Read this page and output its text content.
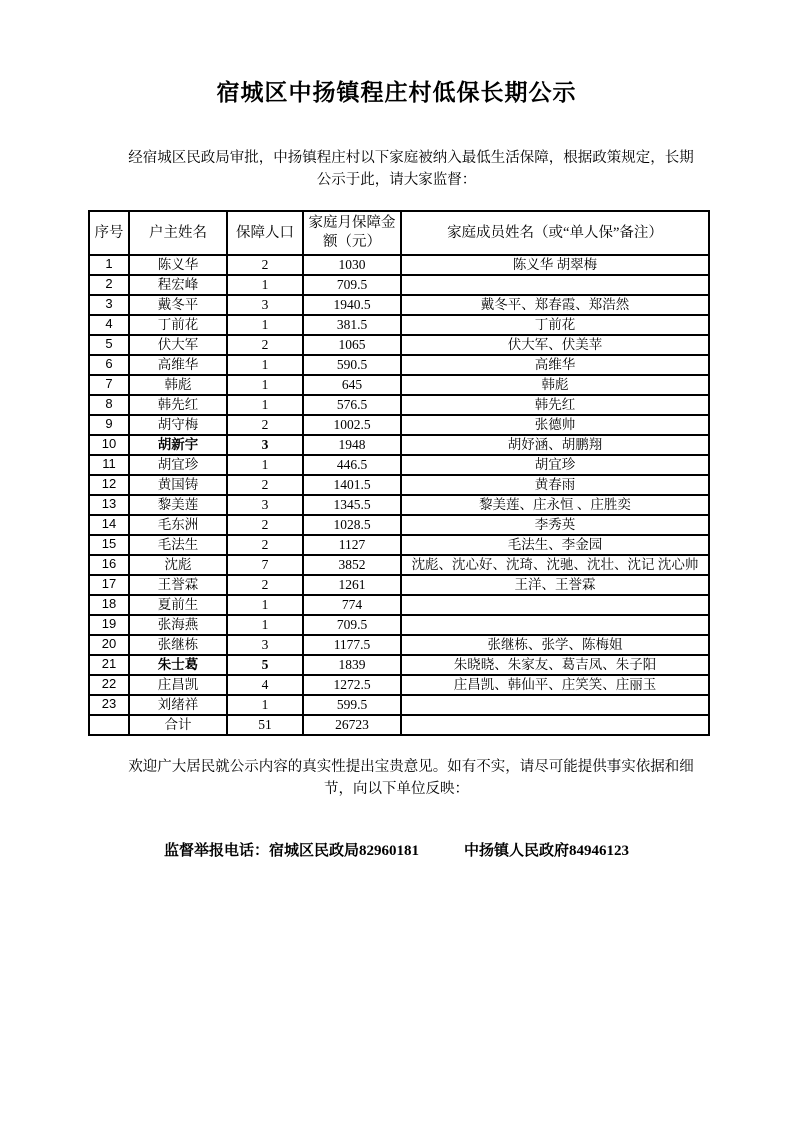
宿城区中扬镇程庄村低保长期公示

经宿城区民政局审批，中扬镇程庄村以下家庭被纳入最低生活保障，根据政策规定，长期公示于此，请大家监督：

序号	户主姓名	保障人口	家庭月保障金额（元）	家庭成员姓名（或“单人保”备注）
1	陈义华	2	1030	陈义华 胡翠梅
2	程宏峰	1	709.5	
3	戴冬平	3	1940.5	戴冬平、郑春霞、郑浩然
4	丁前花	1	381.5	丁前花
5	伏大军	2	1065	伏大军、伏美苹
6	高维华	1	590.5	高维华
7	韩彪	1	645	韩彪
8	韩先红	1	576.5	韩先红
9	胡守梅	2	1002.5	张德帅
10	胡新宇	3	1948	胡妤涵、胡鹏翔
11	胡宜珍	1	446.5	胡宜珍
12	黄国铸	2	1401.5	黄春雨
13	黎美莲	3	1345.5	黎美莲、庄永恒 、庄胜奕
14	毛东洲	2	1028.5	李秀英
15	毛法生	2	1127	毛法生、李金园
16	沈彪	7	3852	沈彪、沈心好、沈琦、沈驰、沈壮、沈记 沈心帅
17	王誉霖	2	1261	王洋、王誉霖
18	夏前生	1	774	
19	张海燕	1	709.5	
20	张继栋	3	1177.5	张继栋、张学、陈梅姐
21	朱士葛	5	1839	朱晓晓、朱家友、葛吉凤、朱子阳
22	庄昌凯	4	1272.5	庄昌凯、韩仙平、庄笑笑、庄丽玉
23	刘绪祥	1	599.5	
	合计	51	26723	

欢迎广大居民就公示内容的真实性提出宝贵意见。如有不实，请尽可能提供事实依据和细节，向以下单位反映：

监督举报电话：宿城区民政局82960181　　　中扬镇人民政府84946123
